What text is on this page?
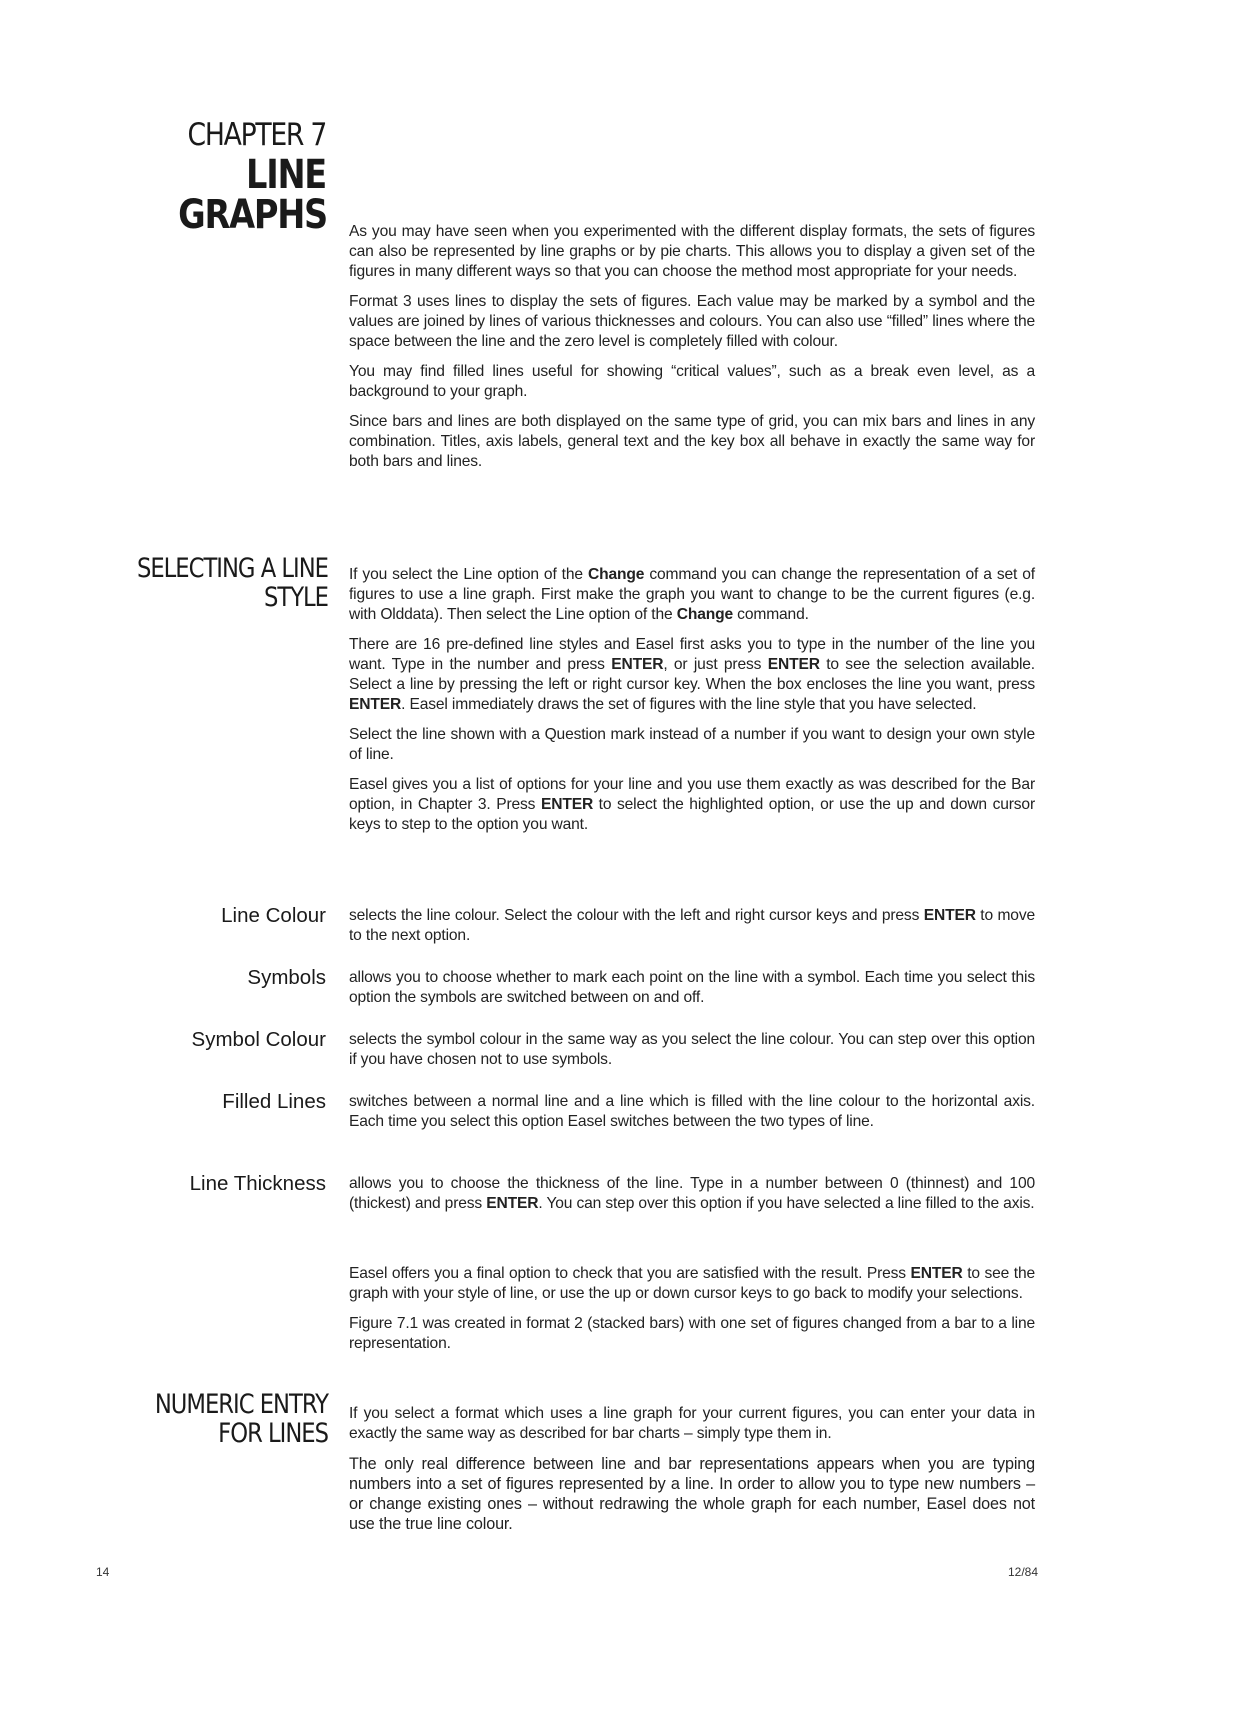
CHAPTER 7
LINE
GRAPHS As you may have seen when you experimented with the different display formats, the sets of figures can also be represented by line graphs or by pie charts. This allows you to display a given set of the figures in many different ways so that you can choose the method most appropriate for your needs.

Format 3 uses lines to display the sets of figures. Each value may be marked by a symbol and the values are joined by lines of various thicknesses and colours. You can also use “filled” lines where the space between the line and the zero level is completely filled with colour.

You may find filled lines useful for showing “critical values”, such as a break even level, as a background to your graph.

Since bars and lines are both displayed on the same type of grid, you can mix bars and lines in any combination. Titles, axis labels, general text and the key box all behave in exactly the same way for both bars and lines.

SELECTING A LINE
STYLE

If you select the Line option of the Change command you can change the representation of a set of figures to use a line graph. First make the graph you want to change to be the current figures (e.g. with Olddata). Then select the Line option of the Change command.

There are 16 pre-defined line styles and Easel first asks you to type in the number of the line you want. Type in the number and press ENTER, or just press ENTER to see the selection available. Select a line by pressing the left or right cursor key. When the box encloses the line you want, press ENTER. Easel immediately draws the set of figures with the line style that you have selected.

Select the line shown with a Question mark instead of a number if you want to design your own style of line.

Easel gives you a list of options for your line and you use them exactly as was described for the Bar option, in Chapter 3. Press ENTER to select the highlighted option, or use the up and down cursor keys to step to the option you want.

Line Colour selects the line colour. Select the colour with the left and right cursor keys and press ENTER to move to the next option.
Symbols allows you to choose whether to mark each point on the line with a symbol. Each time you select this option the symbols are switched between on and off.
Symbol Colour selects the symbol colour in the same way as you select the line colour. You can step over this option if you have chosen not to use symbols.
Filled Lines switches between a normal line and a line which is filled with the line colour to the horizontal axis. Each time you select this option Easel switches between the two types of line.
Line Thickness allows you to choose the thickness of the line. Type in a number between 0 (thinnest) and 100 (thickest) and press ENTER. You can step over this option if you have selected a line filled to the axis.

Easel offers you a final option to check that you are satisfied with the result. Press ENTER to see the graph with your style of line, or use the up or down cursor keys to go back to modify your selections.

Figure 7.1 was created in format 2 (stacked bars) with one set of figures changed from a bar to a line representation.

NUMERIC ENTRY
FOR LINES

If you select a format which uses a line graph for your current figures, you can enter your data in exactly the same way as described for bar charts – simply type them in.

The only real difference between line and bar representations appears when you are typing numbers into a set of figures represented by a line. In order to allow you to type new numbers – or change existing ones – without redrawing the whole graph for each number, Easel does not use the true line colour.

14	12/84
